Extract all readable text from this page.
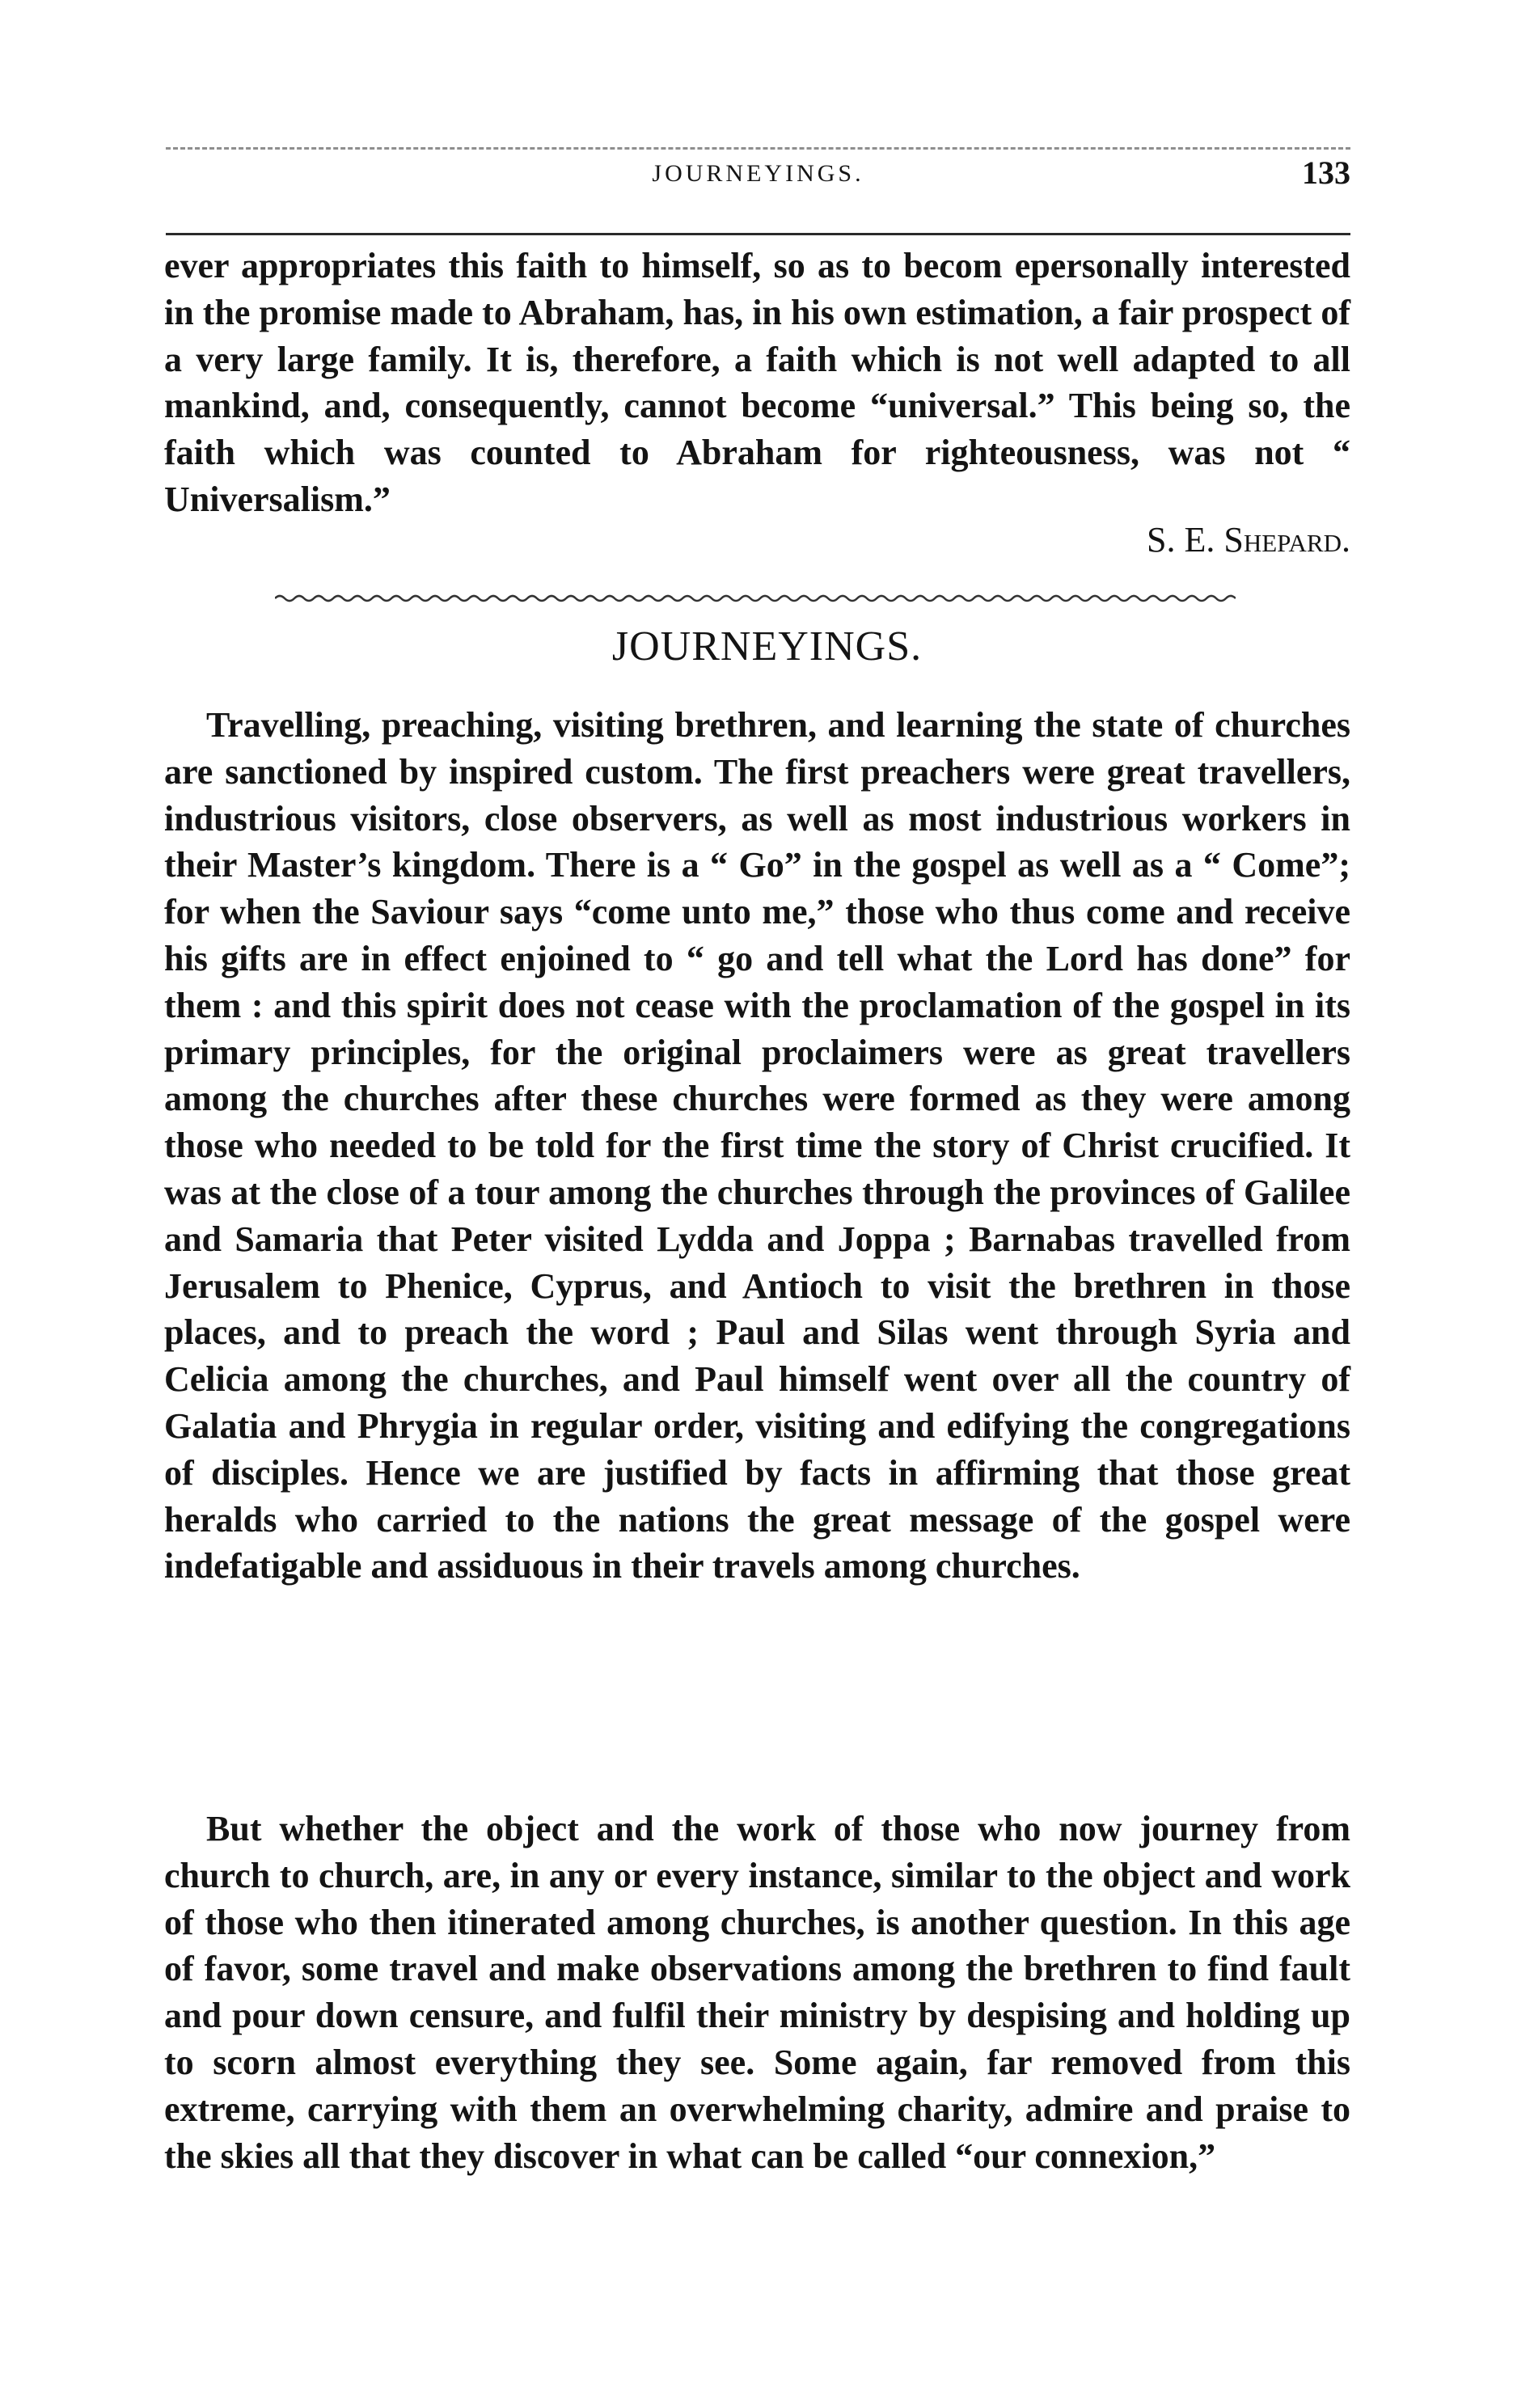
JOURNEYINGS.	133

ever appropriates this faith to himself, so as to becom epersonally interested in the promise made to Abraham, has, in his own estimation, a fair prospect of a very large family. It is, therefore, a faith which is not well adapted to all mankind, and, consequently, cannot become “universal.” This being so, the faith which was counted to Abraham for righteousness, was not “ Universalism.”

S. E. Shepard.
JOURNEYINGS.

Travelling, preaching, visiting brethren, and learning the state of churches are sanctioned by inspired custom. The first preachers were great travellers, industrious visitors, close observers, as well as most industrious workers in their Master’s kingdom. There is a “ Go” in the gospel as well as a “ Come”; for when the Saviour says “come unto me,” those who thus come and receive his gifts are in effect enjoined to “ go and tell what the Lord has done” for them : and this spirit does not cease with the proclamation of the gospel in its primary principles, for the original proclaimers were as great travellers among the churches after these churches were formed as they were among those who needed to be told for the first time the story of Christ crucified. It was at the close of a tour among the churches through the provinces of Galilee and Samaria that Peter visited Lydda and Joppa ; Barnabas travelled from Jerusalem to Phenice, Cyprus, and Antioch to visit the brethren in those places, and to preach the word ; Paul and Silas went through Syria and Celicia among the churches, and Paul himself went over all the country of Galatia and Phrygia in regular order, visiting and edifying the congregations of disciples. Hence we are justified by facts in affirming that those great heralds who carried to the nations the great message of the gospel were indefatigable and assiduous in their travels among churches.

But whether the object and the work of those who now journey from church to church, are, in any or every instance, similar to the object and work of those who then itinerated among churches, is another question. In this age of favor, some travel and make observations among the brethren to find fault and pour down censure, and fulfil their ministry by despising and holding up to scorn almost everything they see. Some again, far removed from this extreme, carrying with them an overwhelming charity, admire and praise to the skies all that they discover in what can be called “our connexion,”
